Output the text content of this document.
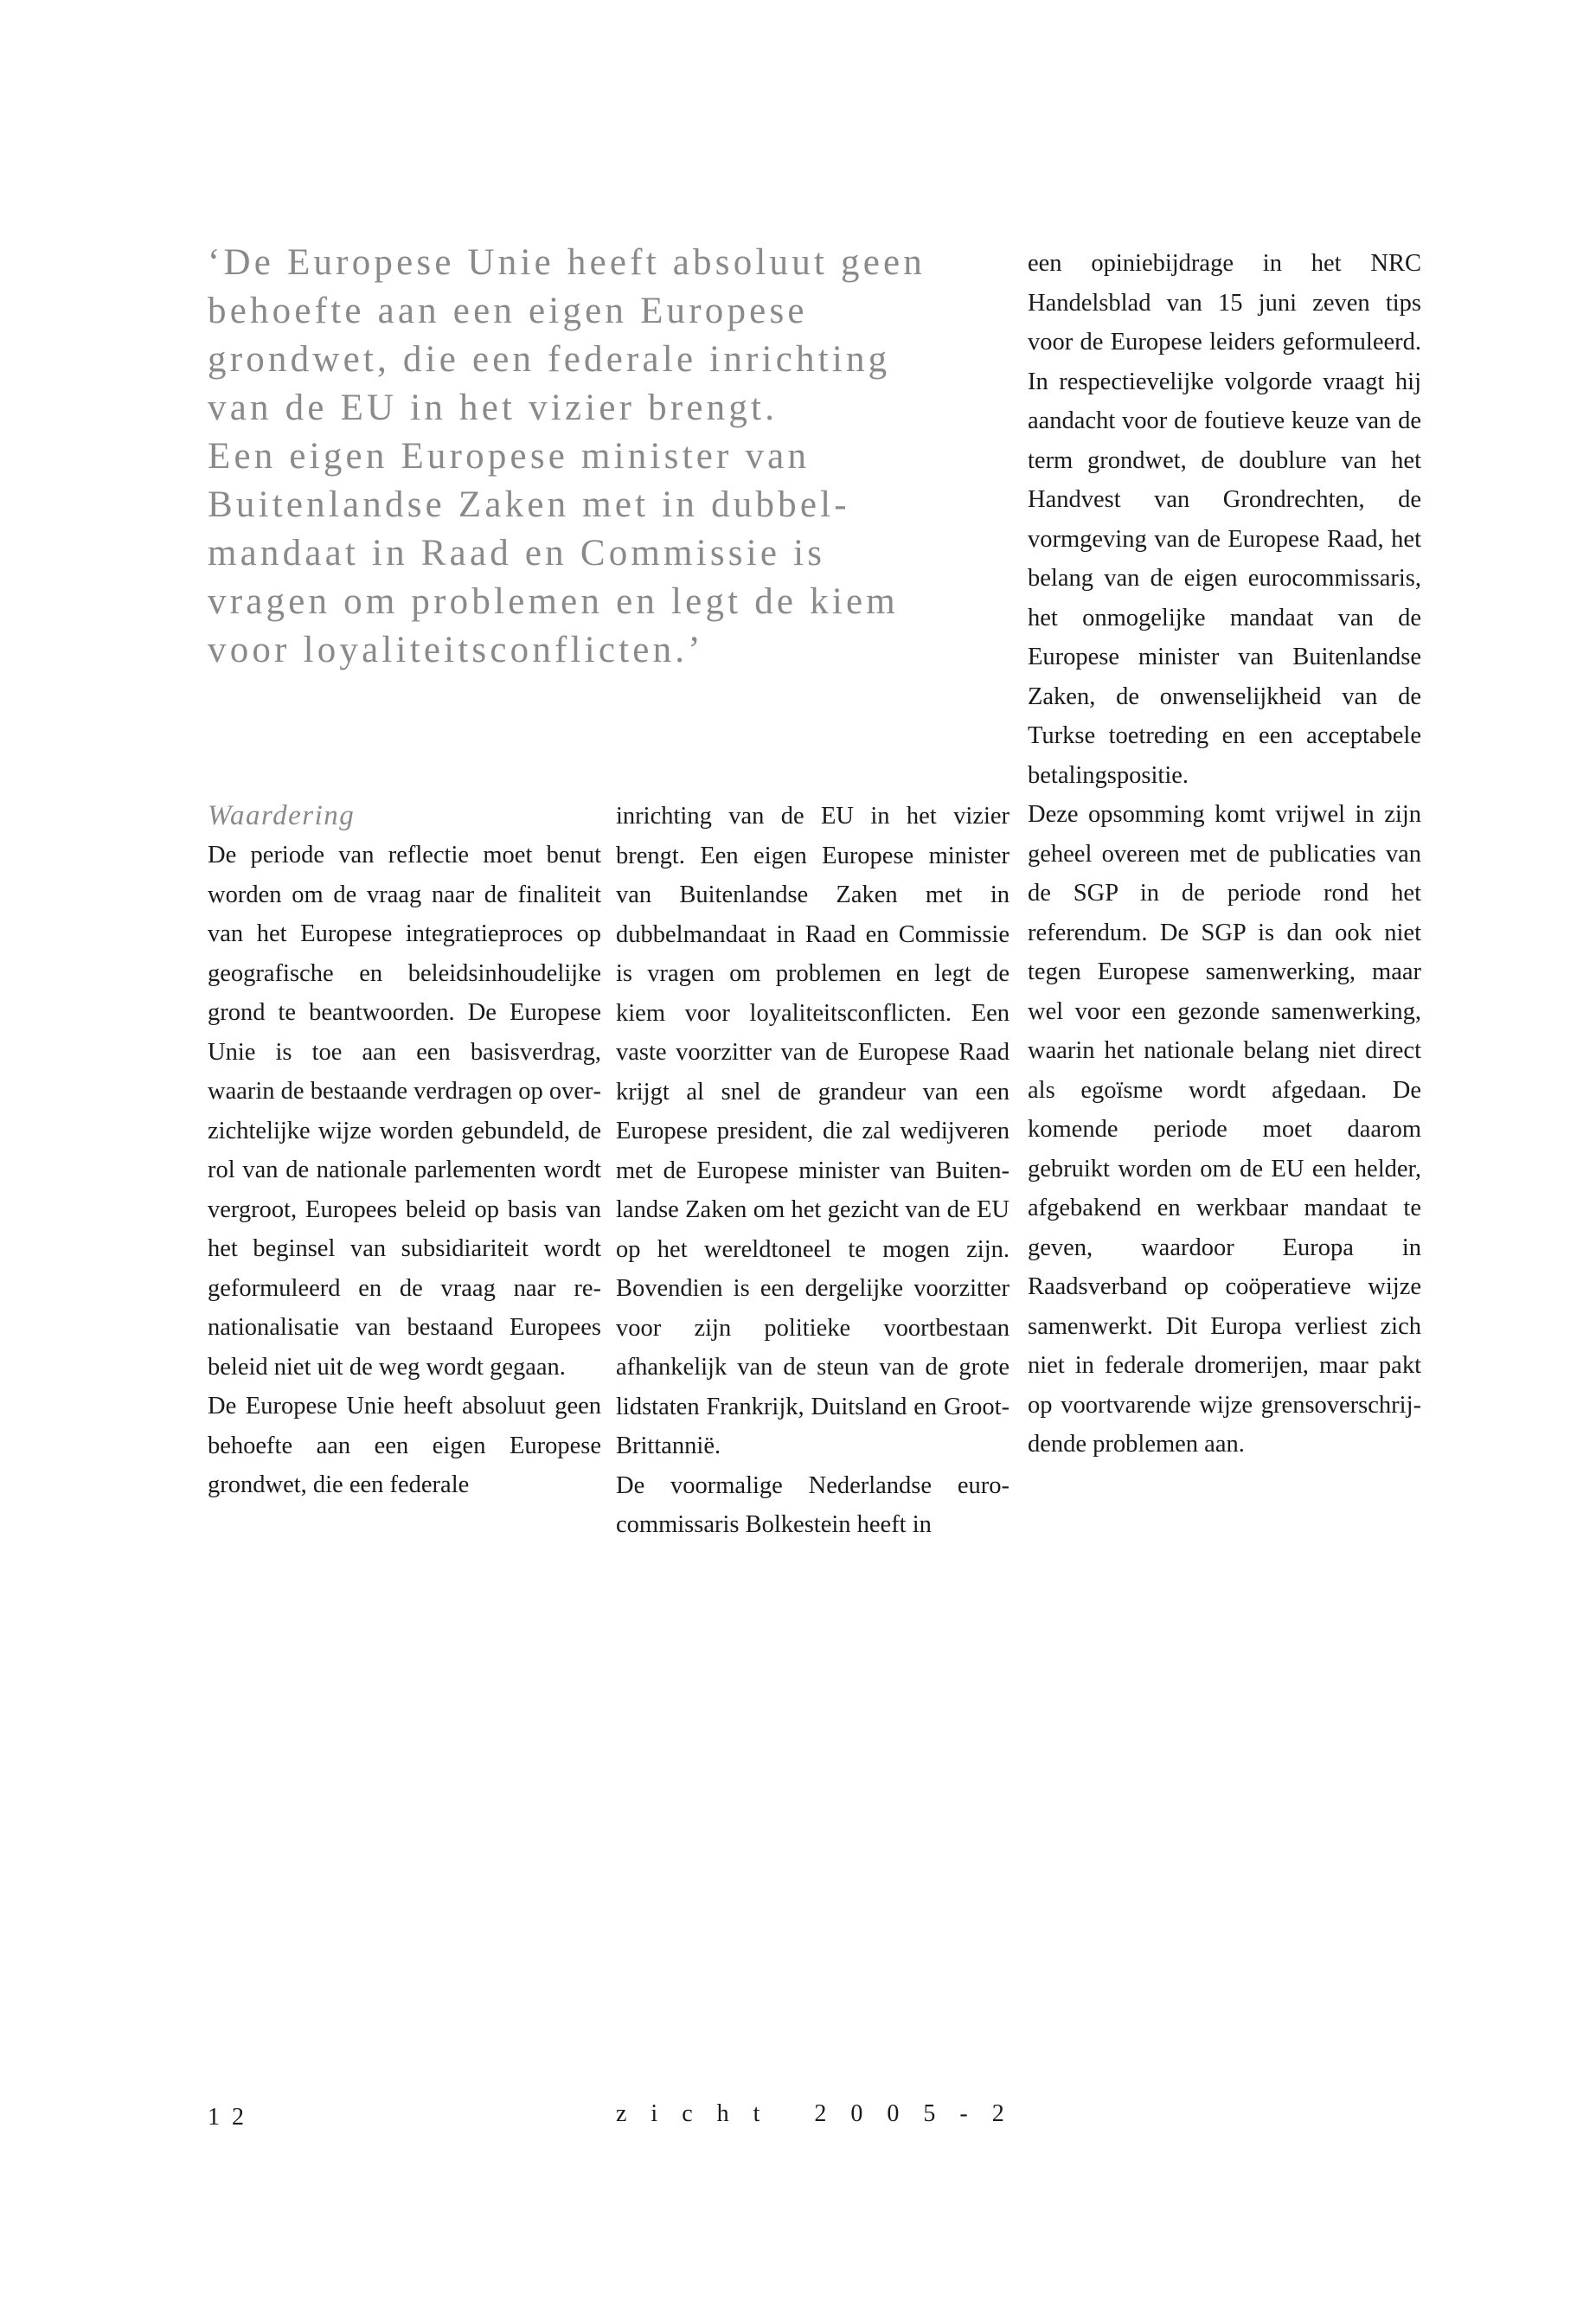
‘De Europese Unie heeft absoluut geen
behoefte aan een eigen Europese
grondwet, die een federale inrichting
van de EU in het vizier brengt.
Een eigen Europese minister van
Buitenlandse Zaken met in dubbel-
mandaat in Raad en Commissie is
vragen om problemen en legt de kiem
voor loyaliteitsconflicten.’

Waardering

De periode van reflectie moet benut worden om de vraag naar de finaliteit van het Europese integratieproces op geografische en beleidsinhoudelijke grond te beantwoorden. De Europese Unie is toe aan een basisverdrag, waarin de bestaande verdragen op overzichtelijke wijze worden gebundeld, de rol van de nationale parlementen wordt vergroot, Europees beleid op basis van het beginsel van subsidiariteit wordt geformuleerd en de vraag naar renationalisatie van bestaand Europees beleid niet uit de weg wordt gegaan.

De Europese Unie heeft absoluut geen behoefte aan een eigen Europese grondwet, die een federale

inrichting van de EU in het vizier brengt. Een eigen Europese minister van Buitenlandse Zaken met in dubbelmandaat in Raad en Commissie is vragen om problemen en legt de kiem voor loyaliteitsconflicten. Een vaste voorzitter van de Europese Raad krijgt al snel de grandeur van een Europese president, die zal wedijveren met de Europese minister van Buitenlandse Zaken om het gezicht van de EU op het wereldtoneel te mogen zijn. Bovendien is een dergelijke voorzitter voor zijn politieke voortbestaan afhankelijk van de steun van de grote lidstaten Frankrijk, Duitsland en Groot-Brittannië.

De voormalige Nederlandse eurocommissaris Bolkestein heeft in

een opiniebijdrage in het NRC Handelsblad van 15 juni zeven tips voor de Europese leiders geformuleerd. In respectievelijke volgorde vraagt hij aandacht voor de foutieve keuze van de term grondwet, de doublure van het Handvest van Grondrechten, de vormgeving van de Europese Raad, het belang van de eigen eurocommissaris, het onmogelijke mandaat van de Europese minister van Buitenlandse Zaken, de onwenselijkheid van de Turkse toetreding en een acceptabele betalingspositie.

Deze opsomming komt vrijwel in zijn geheel overeen met de publicaties van de SGP in de periode rond het referendum. De SGP is dan ook niet tegen Europese samenwerking, maar wel voor een gezonde samenwerking, waarin het nationale belang niet direct als egoïsme wordt afgedaan. De komende periode moet daarom gebruikt worden om de EU een helder, afgebakend en werkbaar mandaat te geven, waardoor Europa in Raadsverband op coöperatieve wijze samenwerkt. Dit Europa verliest zich niet in federale dromerijen, maar pakt op voortvarende wijze grensoverschrijdende problemen aan.

12	zicht 2005-2
